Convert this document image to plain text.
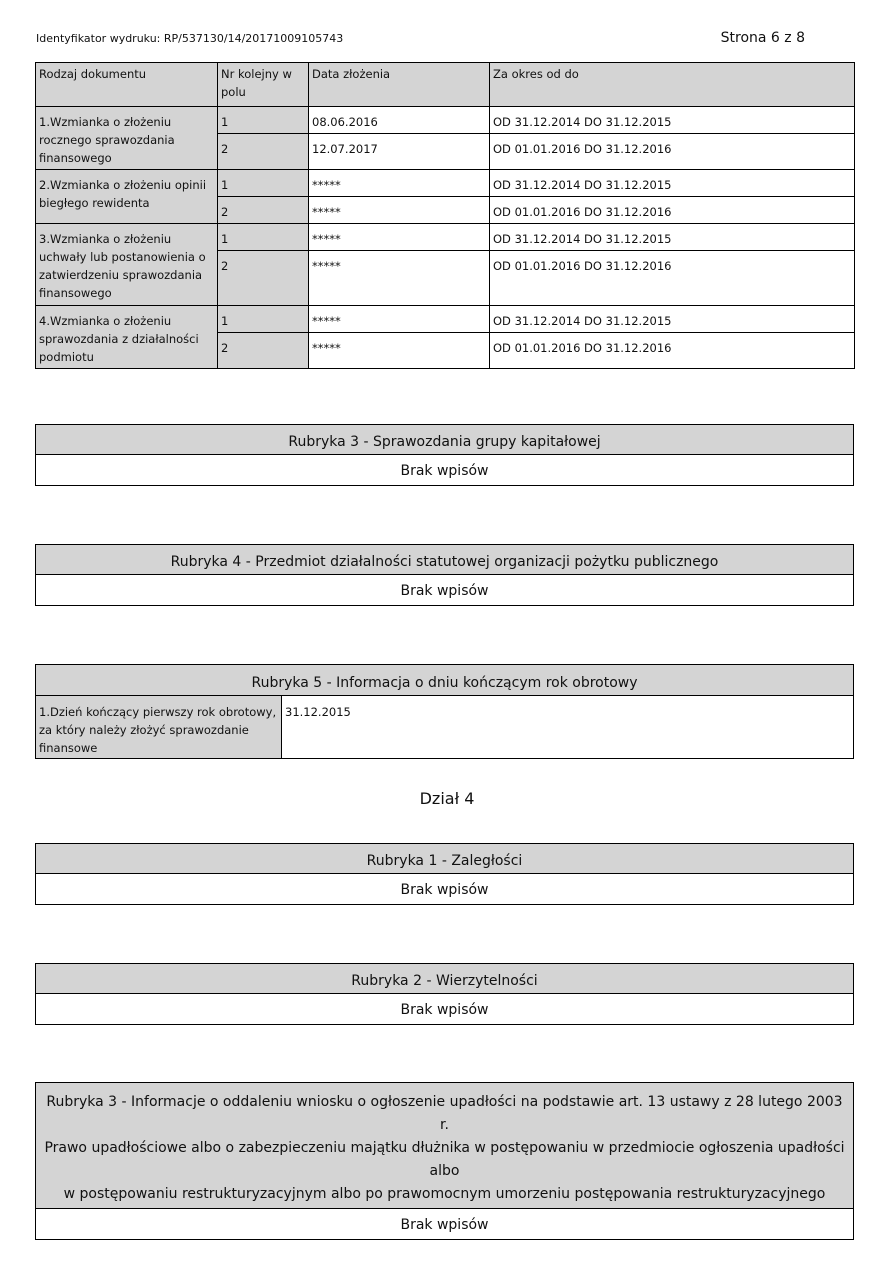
Identyfikator wydruku: RP/537130/14/20171009105743	Strona 6 z 8
Rodzaj dokumentu	Nr kolejny w polu	Data złożenia	Za okres od do
1.Wzmianka o złożeniu rocznego sprawozdania finansowego	1	08.06.2016	OD 31.12.2014 DO 31.12.2015
	2	12.07.2017	OD 01.01.2016 DO 31.12.2016
2.Wzmianka o złożeniu opinii biegłego rewidenta	1	*****	OD 31.12.2014 DO 31.12.2015
	2	*****	OD 01.01.2016 DO 31.12.2016
3.Wzmianka o złożeniu uchwały lub postanowienia o zatwierdzeniu sprawozdania finansowego	1	*****	OD 31.12.2014 DO 31.12.2015
	2	*****	OD 01.01.2016 DO 31.12.2016
4.Wzmianka o złożeniu sprawozdania z działalności podmiotu	1	*****	OD 31.12.2014 DO 31.12.2015
	2	*****	OD 01.01.2016 DO 31.12.2016
Rubryka 3 - Sprawozdania grupy kapitałowej
Brak wpisów
Rubryka 4 - Przedmiot działalności statutowej organizacji pożytku publicznego
Brak wpisów
Rubryka 5 - Informacja o dniu kończącym rok obrotowy
1.Dzień kończący pierwszy rok obrotowy, za który należy złożyć sprawozdanie finansowe
31.12.2015
Dział 4
Rubryka 1 - Zaległości
Brak wpisów
Rubryka 2 - Wierzytelności
Brak wpisów
Rubryka 3 - Informacje o oddaleniu wniosku o ogłoszenie upadłości na podstawie art. 13 ustawy z 28 lutego 2003 r.
Prawo upadłościowe albo o zabezpieczeniu majątku dłużnika w postępowaniu w przedmiocie ogłoszenia upadłości albo
w postępowaniu restrukturyzacyjnym albo po prawomocnym umorzeniu postępowania restrukturyzacyjnego
Brak wpisów
